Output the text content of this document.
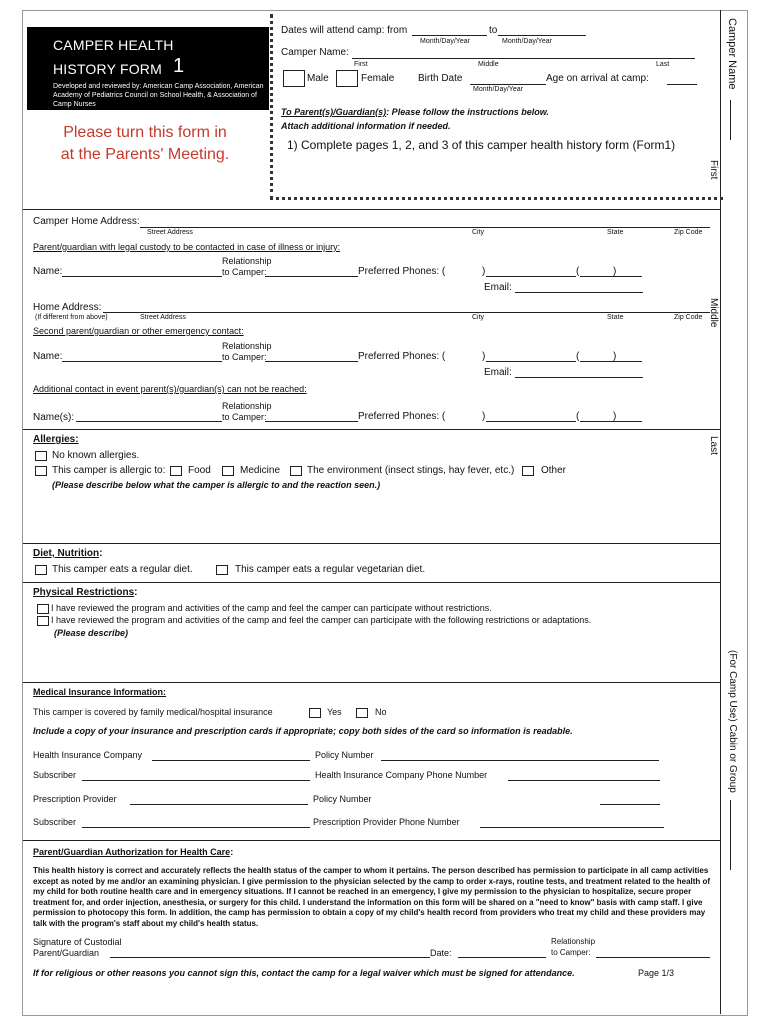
CAMPER HEALTH
HISTORY FORM 1
Developed and reviewed by: American Camp Association, American Academy of Pediatrics Council on School Health, & Association of Camp Nurses
Please turn this form in at the Parents' Meeting.
Dates will attend camp: from	to
Month/Day/Year	Month/Day/Year
Camper Name:
First	Middle	Last
Male	Female Birth Date	Age on arrival at camp:
Month/Day/Year
To Parent(s)/Guardian(s): Please follow the instructions below.
Attach additional information if needed.
1) Complete pages 1, 2, and 3 of this camper health history form (Form1)
Camper Name
First
Middle
Last
(For Camp Use) Cabin or Group
Camper Home Address:
Street Address	City	State	Zip Code
Parent/guardian with legal custody to be contacted in case of illness or injury:
Relationship
Name:	to Camper:	Preferred Phones: (	)	(	)
Email:
Home Address:
(If different from above)	Street Address	City	State	Zip Code
Second parent/guardian or other emergency contact:
Relationship
Name:	to Camper:	Preferred Phones: (	)	(	)
Email:
Additional contact in event parent(s)/guardian(s) can not be reached:
Relationship
Name(s):	to Camper:	Preferred Phones: (	)	(	)
Allergies:
No known allergies.
This camper is allergic to: Food	Medicine	The environment (insect stings, hay fever, etc.)	Other
(Please describe below what the camper is allergic to and the reaction seen.)
Diet, Nutrition:
This camper eats a regular diet.	This camper eats a regular vegetarian diet.
Physical Restrictions:
I have reviewed the program and activities of the camp and feel the camper can participate without restrictions.
I have reviewed the program and activities of the camp and feel the camper can participate with the following restrictions or adaptations.
(Please describe)
Medical Insurance Information:
This camper is covered by family medical/hospital insurance	Yes	No
Include a copy of your insurance and prescription cards if appropriate; copy both sides of the card so information is readable.
Health Insurance Company	Policy Number
Subscriber	Health Insurance Company Phone Number
Prescription Provider	Policy Number
Subscriber	Prescription Provider Phone Number
Parent/Guardian Authorization for Health Care:
This health history is correct and accurately reflects the health status of the camper to whom it pertains. The person described has permission to participate in all camp activities except as noted by me and/or an examining physician. I give permission to the physician selected by the camp to order x-rays, routine tests, and treatment related to the health of my child for both routine health care and in emergency situations. If I cannot be reached in an emergency, I give my permission to the physician to hospitalize, secure proper treatment for, and order injection, anesthesia, or surgery for this child. I understand the information on this form will be shared on a "need to know" basis with camp staff. I give permission to photocopy this form. In addition, the camp has permission to obtain a copy of my child's health record from providers who treat my child and these providers may talk with the program's staff about my child's health status.
Signature of Custodial
Parent/Guardian	Date:
Relationship
to Camper:
If for religious or other reasons you cannot sign this, contact the camp for a legal waiver which must be signed for attendance.	Page 1/3
